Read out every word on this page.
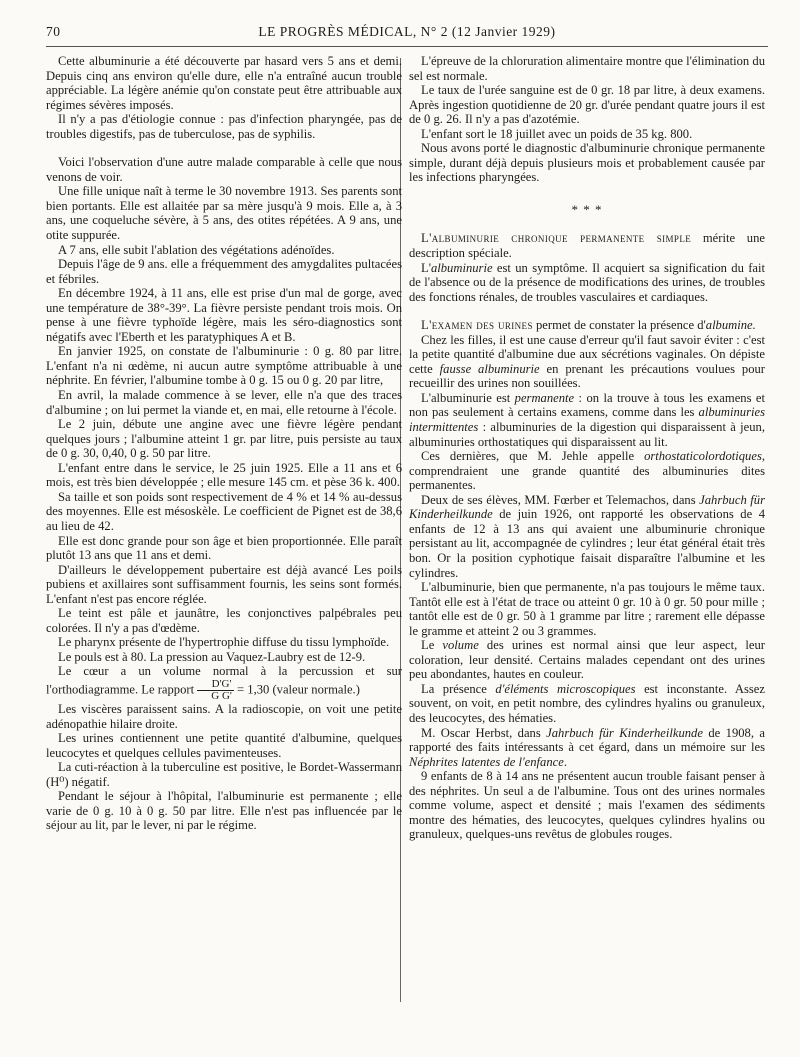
70	LE PROGRÈS MÉDICAL, N° 2 (12 Janvier 1929)

Cette albuminurie a été découverte par hasard vers 5 ans et demi. Depuis cinq ans environ qu'elle dure, elle n'a entraîné aucun trouble appréciable. La légère anémie qu'on constate peut être attribuable aux régimes sévères imposés.

Il n'y a pas d'étiologie connue : pas d'infection pharyngée, pas de troubles digestifs, pas de tuberculose, pas de syphilis.

Voici l'observation d'une autre malade comparable à celle que nous venons de voir.

Une fille unique naît à terme le 30 novembre 1913. Ses parents sont bien portants. Elle est allaitée par sa mère jusqu'à 9 mois. Elle a, à 3 ans, une coqueluche sévère, à 5 ans, des otites répétées. A 9 ans, une otite suppurée.

A 7 ans, elle subit l'ablation des végétations adénoïdes.

Depuis l'âge de 9 ans. elle a fréquemment des amygdalites pultacées et fébriles.

En décembre 1924, à 11 ans, elle est prise d'un mal de gorge, avec une température de 38°-39°. La fièvre persiste pendant trois mois. On pense à une fièvre typhoïde légère, mais les séro-diagnostics sont négatifs avec l'Eberth et les paratyphiques A et B.

En janvier 1925, on constate de l'albuminurie : 0 g. 80 par litre. L'enfant n'a ni œdème, ni aucun autre symptôme attribuable à une néphrite. En février, l'albumine tombe à 0 g. 15 ou 0 g. 20 par litre,

En avril, la malade commence à se lever, elle n'a que des traces d'albumine ; on lui permet la viande et, en mai, elle retourne à l'école.

Le 2 juin, débute une angine avec une fièvre légère pendant quelques jours ; l'albumine atteint 1 gr. par litre, puis persiste au taux de 0 g. 30, 0,40, 0 g. 50 par litre.

L'enfant entre dans le service, le 25 juin 1925. Elle a 11 ans et 6 mois, est très bien développée ; elle mesure 145 cm. et pèse 36 k. 400.

Sa taille et son poids sont respectivement de 4 % et 14 % au-dessus des moyennes. Elle est mésoskèle. Le coefficient de Pignet est de 38,6 au lieu de 42.

Elle est donc grande pour son âge et bien proportionnée. Elle paraît plutôt 13 ans que 11 ans et demi.

D'ailleurs le développement pubertaire est déjà avancé Les poils pubiens et axillaires sont suffisamment fournis, les seins sont formés. L'enfant n'est pas encore réglée.

Le teint est pâle et jaunâtre, les conjonctives palpébrales peu colorées. Il n'y a pas d'œdème.

Le pharynx présente de l'hypertrophie diffuse du tissu lymphoïde.

Le pouls est à 80. La pression au Vaquez-Laubry est de 12-9.

Le cœur a un volume normal à la percussion et sur l'orthodiagramme. Le rapport $\frac{D'G'}{\text{G G'}} = 1,30$ (valeur normale.)

Les viscères paraissent sains. A la radioscopie, on voit une petite adénopathie hilaire droite.

Les urines contiennent une petite quantité d'albumine, quelques leucocytes et quelques cellules pavimenteuses.

La cuti-réaction à la tuberculine est positive, le Bordet-Wassermann (H⁰) négatif.

Pendant le séjour à l'hôpital, l'albuminurie est permanente ; elle varie de 0 g. 10 à 0 g. 50 par litre. Elle n'est pas influencée par le séjour au lit, par le lever, ni par le régime.

L'épreuve de la chloruration alimentaire montre que l'élimination du sel est normale.

Le taux de l'urée sanguine est de 0 gr. 18 par litre, à deux examens. Après ingestion quotidienne de 20 gr. d'urée pendant quatre jours il est de 0 g. 26. Il n'y a pas d'azotémie.

L'enfant sort le 18 juillet avec un poids de 35 kg. 800.

Nous avons porté le diagnostic d'albuminurie chronique permanente simple, durant déjà depuis plusieurs mois et probablement causée par les infections pharyngées.

* * *

L'albuminurie chronique permanente simple mérite une description spéciale.

L'albuminurie est un symptôme. Il acquiert sa signification du fait de l'absence ou de la présence de modifications des urines, de troubles des fonctions rénales, de troubles vasculaires et cardiaques.

L'examen des urines permet de constater la présence d'albumine.

Chez les filles, il est une cause d'erreur qu'il faut savoir éviter : c'est la petite quantité d'albumine due aux sécrétions vaginales. On dépiste cette fausse albuminurie en prenant les précautions voulues pour recueillir des urines non souillées.

L'albuminurie est permanente : on la trouve à tous les examens et non pas seulement à certains examens, comme dans les albuminuries intermittentes : albuminuries de la digestion qui disparaissent à jeun, albuminuries orthostatiques qui disparaissent au lit.

Ces dernières, que M. Jehle appelle orthostaticolordotiques, comprendraient une grande quantité des albuminuries dites permanentes.

Deux de ses élèves, MM. Fœrber et Telemachos, dans Jahrbuch für Kinderheilkunde de juin 1926, ont rapporté les observations de 4 enfants de 12 à 13 ans qui avaient une albuminurie chronique persistant au lit, accompagnée de cylindres ; leur état général était très bon. Or la position cyphotique faisait disparaître l'albumine et les cylindres.

L'albuminurie, bien que permanente, n'a pas toujours le même taux. Tantôt elle est à l'état de trace ou atteint 0 gr. 10 à 0 gr. 50 pour mille ; tantôt elle est de 0 gr. 50 à 1 gramme par litre ; rarement elle dépasse le gramme et atteint 2 ou 3 grammes.

Le volume des urines est normal ainsi que leur aspect, leur coloration, leur densité. Certains malades cependant ont des urines peu abondantes, hautes en couleur.

La présence d'éléments microscopiques est inconstante. Assez souvent, on voit, en petit nombre, des cylindres hyalins ou granuleux, des leucocytes, des hématies.

M. Oscar Herbst, dans Jahrbuch für Kinderheilkunde de 1908, a rapporté des faits intéressants à cet égard, dans un mémoire sur les Néphrites latentes de l'enfance.

9 enfants de 8 à 14 ans ne présentent aucun trouble faisant penser à des néphrites. Un seul a de l'albumine. Tous ont des urines normales comme volume, aspect et densité ; mais l'examen des sédiments montre des hématies, des leucocytes, quelques cylindres hyalins ou granuleux, quelques-uns revêtus de globules rouges.
